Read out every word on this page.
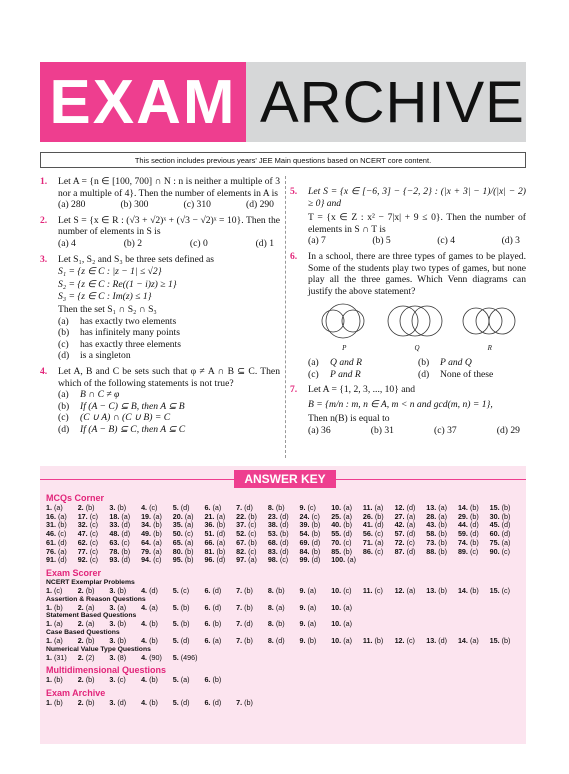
EXAM ARCHIVE
This section includes previous years' JEE Main questions based on NCERT core content.
1.	Let A = {n ∈ [100, 700] ∩ N : n is neither a multiple of 3 nor a multiple of 4}. Then the number of elements in A is
(a) 280	(b) 300	(c) 310	(d) 290
2.	Let S = {x ∈ R : (√3 + √2)ˣ + (√3 − √2)ˣ = 10}. Then the number of elements in S is
(a) 4	(b) 2	(c) 0	(d) 1
3.	Let S₁, S₂ and S₃ be three sets defined as
S₁ = {z ∈ C : |z − 1| ≤ √2}
S₂ = {z ∈ C : Re((1 − i)z) ≥ 1}
S₃ = {z ∈ C : Im(z) ≤ 1}
Then the set S₁ ∩ S₂ ∩ S₃
(a)	has exactly two elements
(b)	has infinitely many points
(c)	has exactly three elements
(d)	is a singleton
4.	Let A, B and C be sets such that φ ≠ A ∩ B ⊆ C. Then which of the following statements is not true?
(a)	B ∩ C ≠ φ
(b)	If (A − C) ⊆ B, then A ⊆ B
(c)	(C ∪ A) ∩ (C ∪ B) = C
(d)	If (A − B) ⊆ C, then A ⊆ C
5.	Let S = {x ∈ [−6, 3] − {−2, 2} : (|x + 3| − 1)/(|x| − 2) ≥ 0} and
T = {x ∈ Z : x² − 7|x| + 9 ≤ 0}. Then the number of elements in S ∩ T is
(a) 7	(b) 5	(c) 4	(d) 3
6.	In a school, there are three types of games to be played. Some of the students play two types of games, but none play all the three games. Which Venn diagrams can justify the above statement?
P	Q	R
(a)	Q and R	(b)	P and Q
(c)	P and R	(d)	None of these
7.	Let A = {1, 2, 3, ..., 10} and
B = {m/n : m, n ∈ A, m < n and gcd(m, n) = 1},
Then n(B) is equal to
(a) 36	(b) 31	(c) 37	(d) 29
ANSWER KEY
MCQs Corner
1. (a)	2. (b)	3. (b)	4. (c)	5. (d)	6. (a)	7. (d)	8. (b)	9. (c)	10. (a)	11. (a)	12. (d)	13. (a)	14. (b)	15. (b)
16. (a)	17. (c)	18. (a)	19. (a)	20. (a)	21. (a)	22. (b)	23. (d)	24. (c)	25. (a)	26. (b)	27. (a)	28. (a)	29. (b)	30. (b)
31. (b)	32. (c)	33. (d)	34. (b)	35. (a)	36. (b)	37. (c)	38. (d)	39. (b)	40. (b)	41. (d)	42. (a)	43. (b)	44. (d)	45. (d)
46. (c)	47. (c)	48. (d)	49. (b)	50. (c)	51. (d)	52. (c)	53. (b)	54. (b)	55. (d)	56. (c)	57. (d)	58. (b)	59. (d)	60. (d)
61. (d)	62. (c)	63. (c)	64. (a)	65. (a)	66. (a)	67. (b)	68. (d)	69. (d)	70. (c)	71. (a)	72. (c)	73. (b)	74. (b)	75. (a)
76. (a)	77. (c)	78. (b)	79. (a)	80. (b)	81. (b)	82. (c)	83. (d)	84. (b)	85. (b)	86. (c)	87. (d)	88. (b)	89. (c)	90. (c)
91. (d)	92. (c)	93. (d)	94. (c)	95. (b)	96. (d)	97. (a)	98. (c)	99. (d)	100. (a)
Exam Scorer
NCERT Exemplar Problems
1. (c)	2. (b)	3. (b)	4. (d)	5. (c)	6. (d)	7. (b)	8. (b)	9. (a)	10. (c)	11. (c)	12. (a)	13. (b)	14. (b)	15. (c)
Assertion & Reason Questions
1. (b)	2. (a)	3. (a)	4. (a)	5. (b)	6. (d)	7. (b)	8. (a)	9. (a)	10. (a)
Statement Based Questions
1. (a)	2. (a)	3. (b)	4. (b)	5. (b)	6. (b)	7. (d)	8. (b)	9. (a)	10. (a)
Case Based Questions
1. (a)	2. (b)	3. (b)	4. (b)	5. (d)	6. (a)	7. (b)	8. (d)	9. (b)	10. (a)	11. (b)	12. (c)	13. (d)	14. (a)	15. (b)
Numerical Value Type Questions
1. (31)	2. (2)	3. (8)	4. (90)	5. (496)
Multidimensional Questions
1. (b)	2. (b)	3. (c)	4. (b)	5. (a)	6. (b)
Exam Archive
1. (b)	2. (b)	3. (d)	4. (b)	5. (d)	6. (d)	7. (b)
